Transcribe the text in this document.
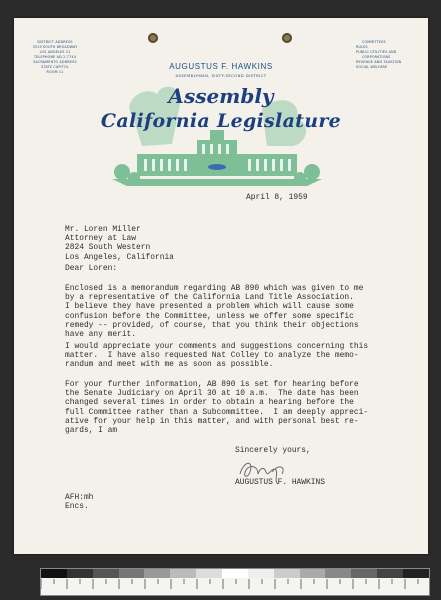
DISTRICT ADDRESS
3519 SOUTH BROADWAY
LOS ANGELES 11
TELEPHONE AD 2-7744
SACRAMENTO ADDRESS
STATE CAPITOL
ROOM 11
COMMITTEES
RULES
PUBLIC UTILITIES AND
CORPORATIONS
REVENUE AND TAXATION
SOCIAL WELFARE
AUGUSTUS F. HAWKINS
ASSEMBLYMAN, SIXTY-SECOND DISTRICT
Assembly
California Legislature
April 8, 1959
Mr. Loren Miller
Attorney at Law
2824 South Western
Los Angeles, California
Dear Loren:
Enclosed is a memorandum regarding AB 890 which was given to me
by a representative of the California Land Title Association.
I believe they have presented a problem which will cause some
confusion before the Committee, unless we offer some specific
remedy -- provided, of course, that you think their objections
have any merit.
I would appreciate your comments and suggestions concerning this
matter.  I have also requested Nat Colley to analyze the memo-
randum and meet with me as soon as possible.
For your further information, AB 890 is set for hearing before
the Senate Judiciary on April 30 at 10 a.m.  The date has been
changed several times in order to obtain a hearing before the
full Committee rather than a Subcommittee.  I am deeply appreci-
ative for your help in this matter, and with personal best re-
gards, I am
Sincerely yours,
AUGUSTUS F. HAWKINS
AFH:mh
Encs.
